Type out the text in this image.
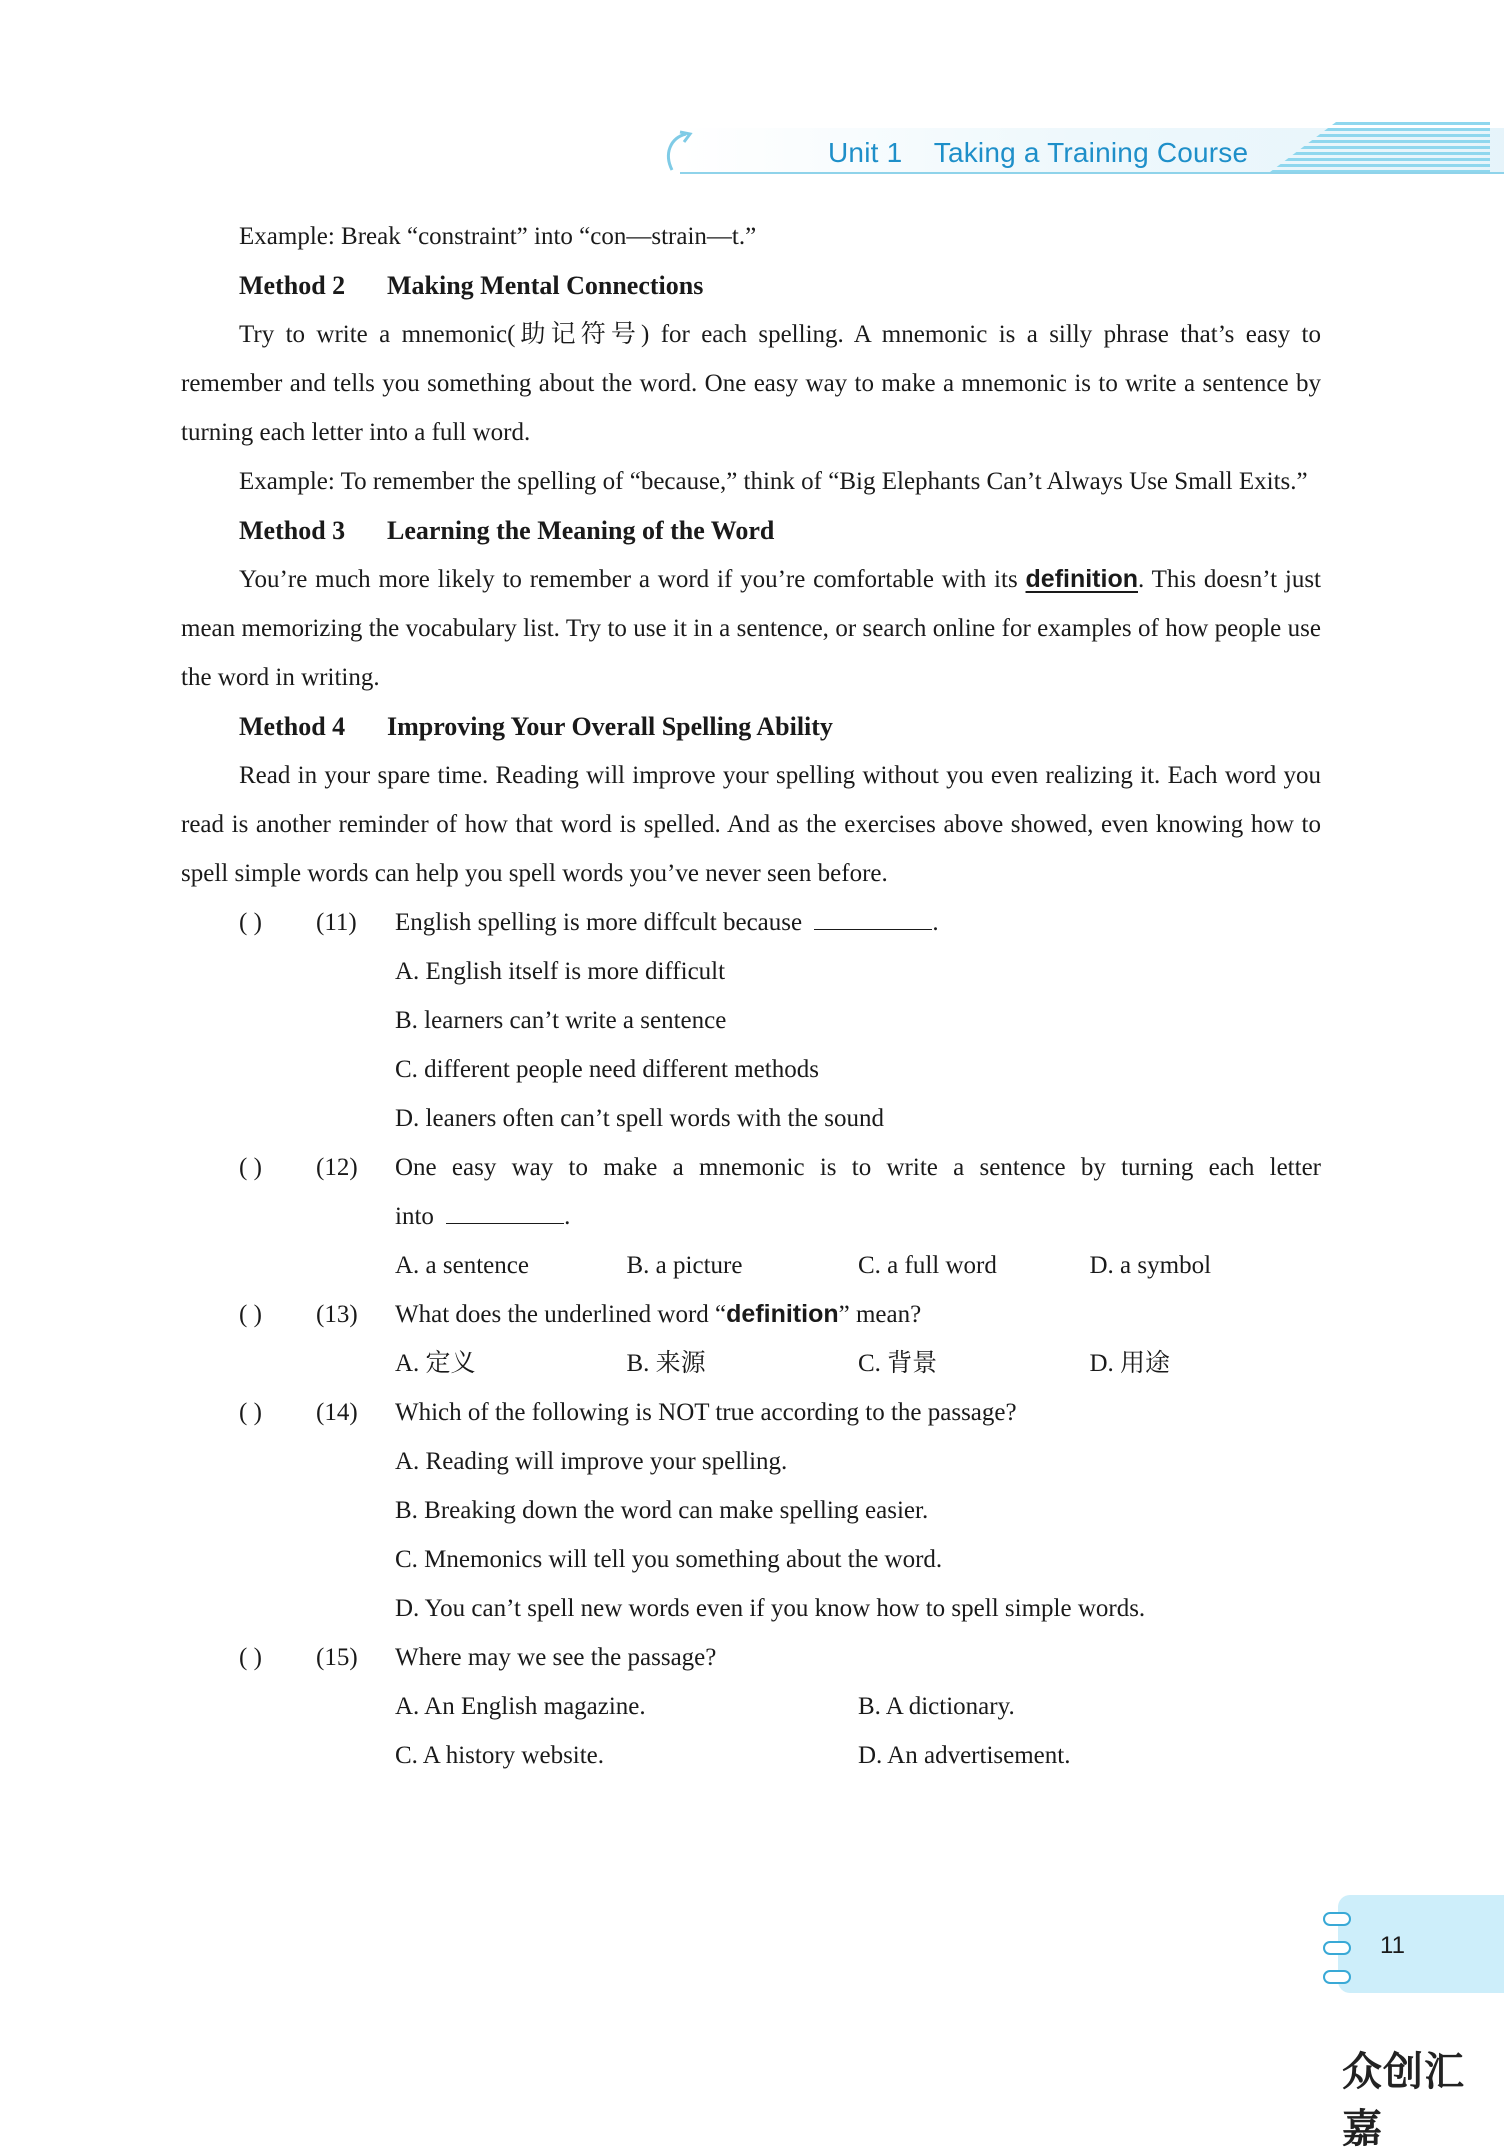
Unit 1    Taking a Training Course

Example: Break “constraint” into “con—strain—t.”

Method 2 Making Mental Connections

Try to write a mnemonic(助记符号) for each spelling. A mnemonic is a silly phrase that’s easy to remember and tells you something about the word. One easy way to make a mnemonic is to write a sentence by turning each letter into a full word.

Example: To remember the spelling of “because,” think of “Big Elephants Can’t Always Use Small Exits.”

Method 3 Learning the Meaning of the Word

You’re much more likely to remember a word if you’re comfortable with its definition. This doesn’t just mean memorizing the vocabulary list. Try to use it in a sentence, or search online for examples of how people use the word in writing.

Method 4 Improving Your Overall Spelling Ability

Read in your spare time. Reading will improve your spelling without you even realizing it. Each word you read is another reminder of how that word is spelled. And as the exercises above showed, even knowing how to spell simple words can help you spell words you’ve never seen before.

( ) (11) English spelling is more diffcult because	.
A. English itself is more difficult
B. learners can’t write a sentence
C. different people need different methods
D. leaners often can’t spell words with the sound
( ) (12) One easy way to make a mnemonic is to write a sentence by turning each letter
into	.
A. a sentence	B. a picture	C. a full word	D. a symbol
( ) (13) What does the underlined word “definition” mean?
A. 定义	B. 来源	C. 背景	D. 用途
( ) (14) Which of the following is NOT true according to the passage?
A. Reading will improve your spelling.
B. Breaking down the word can make spelling easier.
C. Mnemonics will tell you something about the word.
D. You can’t spell new words even if you know how to spell simple words.
( ) (15) Where may we see the passage?
A. An English magazine.	B. A dictionary.
C. A history website.	D. An advertisement.
11
众创汇嘉
